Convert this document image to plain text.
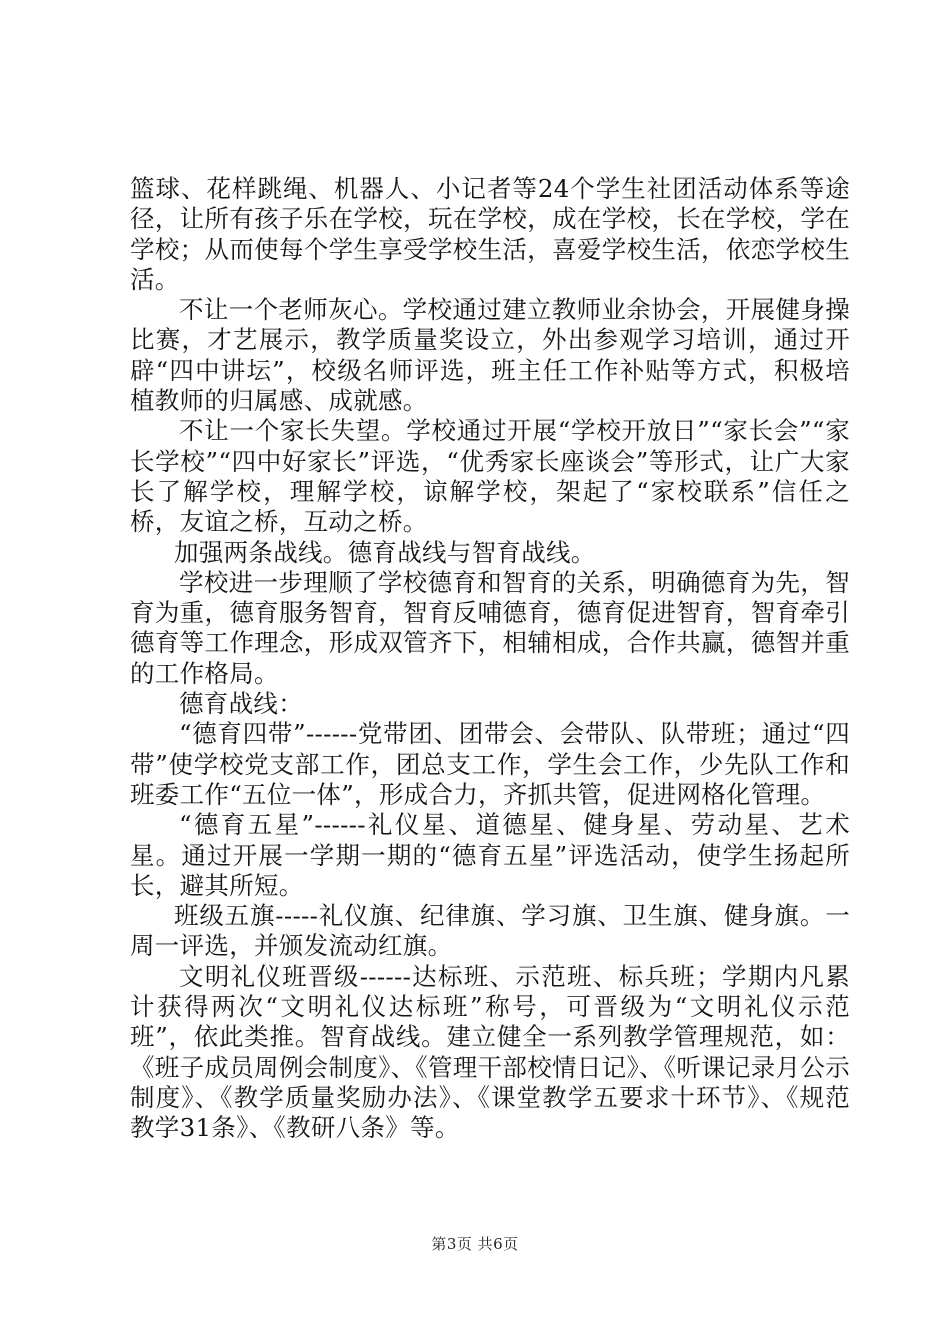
篮球、花样跳绳、机器人、小记者等24个学生社团活动体系等途径，让所有孩子乐在学校，玩在学校，成在学校，长在学校，学在学校；从而使每个学生享受学校生活，喜爱学校生活，依恋学校生活。

不让一个老师灰心。学校通过建立教师业余协会，开展健身操比赛，才艺展示，教学质量奖设立，外出参观学习培训，通过开辟“四中讲坛”，校级名师评选，班主任工作补贴等方式，积极培植教师的归属感、成就感。

不让一个家长失望。学校通过开展“学校开放日”“家长会”“家长学校”“四中好家长”评选，“优秀家长座谈会”等形式，让广大家长了解学校，理解学校，谅解学校，架起了“家校联系”信任之桥，友谊之桥，互动之桥。

加强两条战线。德育战线与智育战线。

学校进一步理顺了学校德育和智育的关系，明确德育为先，智育为重，德育服务智育，智育反哺德育，德育促进智育，智育牵引德育等工作理念，形成双管齐下，相辅相成，合作共赢，德智并重的工作格局。

德育战线：

“德育四带”------党带团、团带会、会带队、队带班；通过“四带”使学校党支部工作，团总支工作，学生会工作，少先队工作和班委工作“五位一体”，形成合力，齐抓共管，促进网格化管理。

“德育五星”------礼仪星、道德星、健身星、劳动星、艺术星。通过开展一学期一期的“德育五星”评选活动，使学生扬起所长，避其所短。

班级五旗-----礼仪旗、纪律旗、学习旗、卫生旗、健身旗。一周一评选，并颁发流动红旗。

文明礼仪班晋级------达标班、示范班、标兵班；学期内凡累计获得两次“文明礼仪达标班”称号，可晋级为“文明礼仪示范班”，依此类推。智育战线。建立健全一系列教学管理规范，如：《班子成员周例会制度》、《管理干部校情日记》、《听课记录月公示制度》、《教学质量奖励办法》、《课堂教学五要求十环节》、《规范教学31条》、《教研八条》等。

第3页 共6页
